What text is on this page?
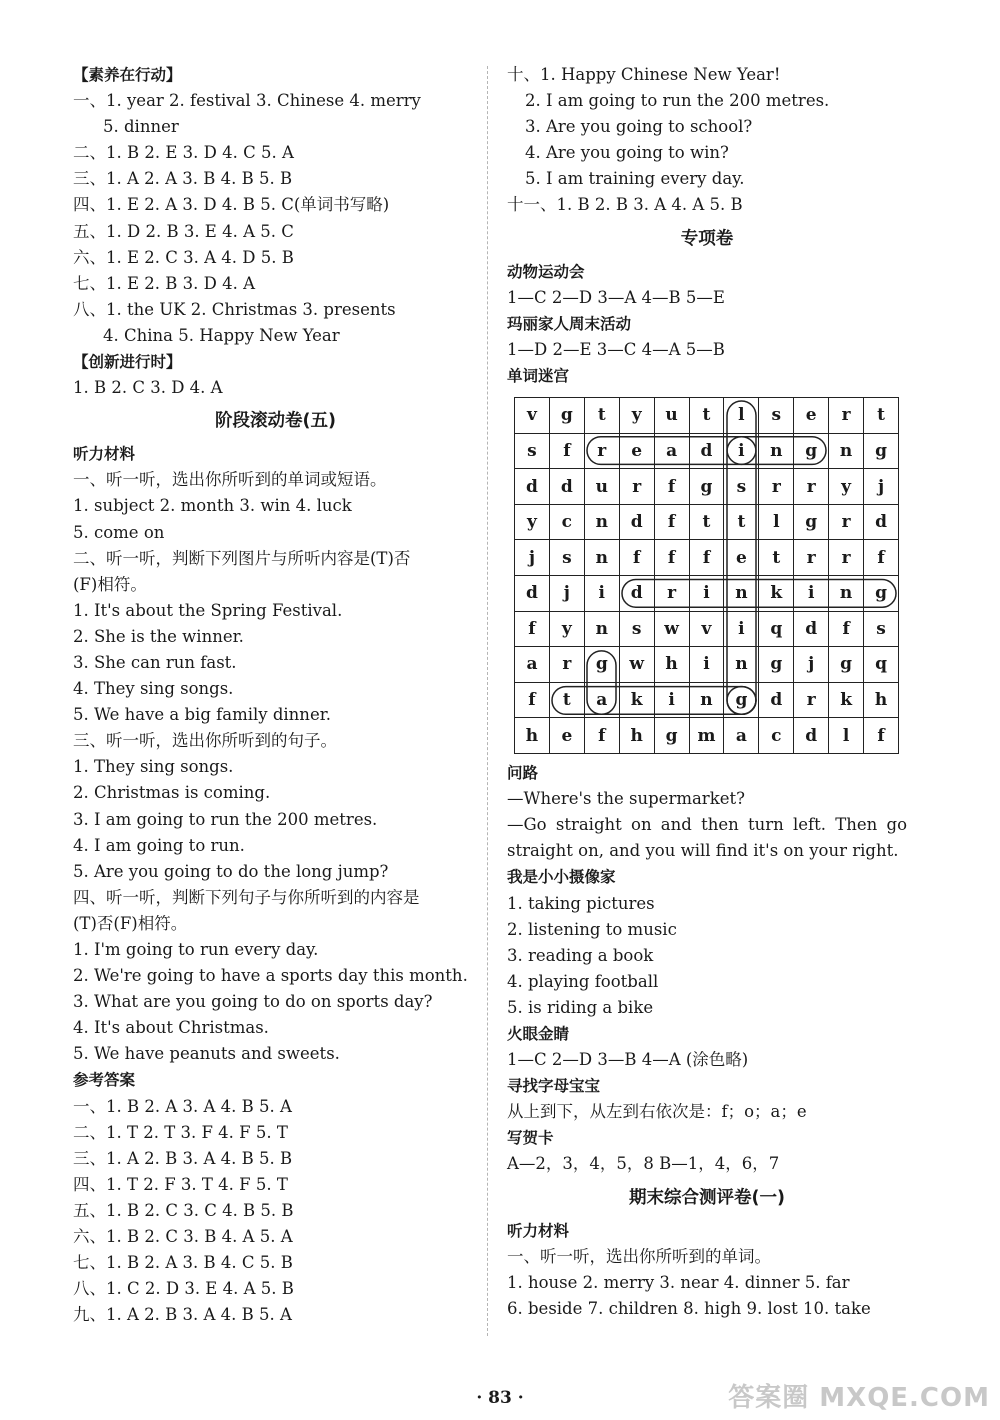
【素养在行动】
一、1. year 2. festival 3. Chinese 4. merry
5. dinner
二、1. B 2. E 3. D 4. C 5. A
三、1. A 2. A 3. B 4. B 5. B
四、1. E 2. A 3. D 4. B 5. C(单词书写略)
五、1. D 2. B 3. E 4. A 5. C
六、1. E 2. C 3. A 4. D 5. B
七、1. E 2. B 3. D 4. A
八、1. the UK 2. Christmas 3. presents
4. China 5. Happy New Year
【创新进行时】
1. B 2. C 3. D 4. A
阶段滚动卷(五)
听力材料
一、听一听，选出你所听到的单词或短语。
1. subject 2. month 3. win 4. luck
5. come on
二、听一听，判断下列图片与所听内容是(T)否
(F)相符。
1. It's about the Spring Festival.
2. She is the winner.
3. She can run fast.
4. They sing songs.
5. We have a big family dinner.
三、听一听，选出你所听到的句子。
1. They sing songs.
2. Christmas is coming.
3. I am going to run the 200 metres.
4. I am going to run.
5. Are you going to do the long jump?
四、听一听，判断下列句子与你所听到的内容是
(T)否(F)相符。
1. I'm going to run every day.
2. We're going to have a sports day this month.
3. What are you going to do on sports day?
4. It's about Christmas.
5. We have peanuts and sweets.
参考答案
一、1. B 2. A 3. A 4. B 5. A
二、1. T 2. T 3. F 4. F 5. T
三、1. A 2. B 3. A 4. B 5. B
四、1. T 2. F 3. T 4. F 5. T
五、1. B 2. C 3. C 4. B 5. B
六、1. B 2. C 3. B 4. A 5. A
七、1. B 2. A 3. B 4. C 5. B
八、1. C 2. D 3. E 4. A 5. B
九、1. A 2. B 3. A 4. B 5. A
十、1. Happy Chinese New Year!
2. I am going to run the 200 metres.
3. Are you going to school?
4. Are you going to win?
5. I am training every day.
十一、1. B 2. B 3. A 4. A 5. B
专项卷
动物运动会
1—C 2—D 3—A 4—B 5—E
玛丽家人周末活动
1—D 2—E 3—C 4—A 5—B
单词迷宫
v	g	t	y	u	t	l	s	e	r	t
s	f	r	e	a	d	i	n	g	n	g
d	d	u	r	f	g	s	r	r	y	j
y	c	n	d	f	t	t	l	g	r	d
j	s	n	f	f	f	e	t	r	r	f
d	j	i	d	r	i	n	k	i	n	g
f	y	n	s	w	v	i	q	d	f	s
a	r	g	w	h	i	n	g	j	g	q
f	t	a	k	i	n	g	d	r	k	h
h	e	f	h	g	m	a	c	d	l	f
问路
—Where's the supermarket?
—Go straight on and then turn left. Then go straight on, and you will find it's on your right.
我是小小摄像家
1. taking pictures
2. listening to music
3. reading a book
4. playing football
5. is riding a bike
火眼金睛
1—C 2—D 3—B 4—A (涂色略)
寻找字母宝宝
从上到下，从左到右依次是：f；o；a；e
写贺卡
A—2，3，4，5，8 B—1，4，6，7
期末综合测评卷(一)
听力材料
一、听一听，选出你所听到的单词。
1. house 2. merry 3. near 4. dinner 5. far
6. beside 7. children 8. high 9. lost 10. take
· 83 ·	答案圈 MXQE.COM
